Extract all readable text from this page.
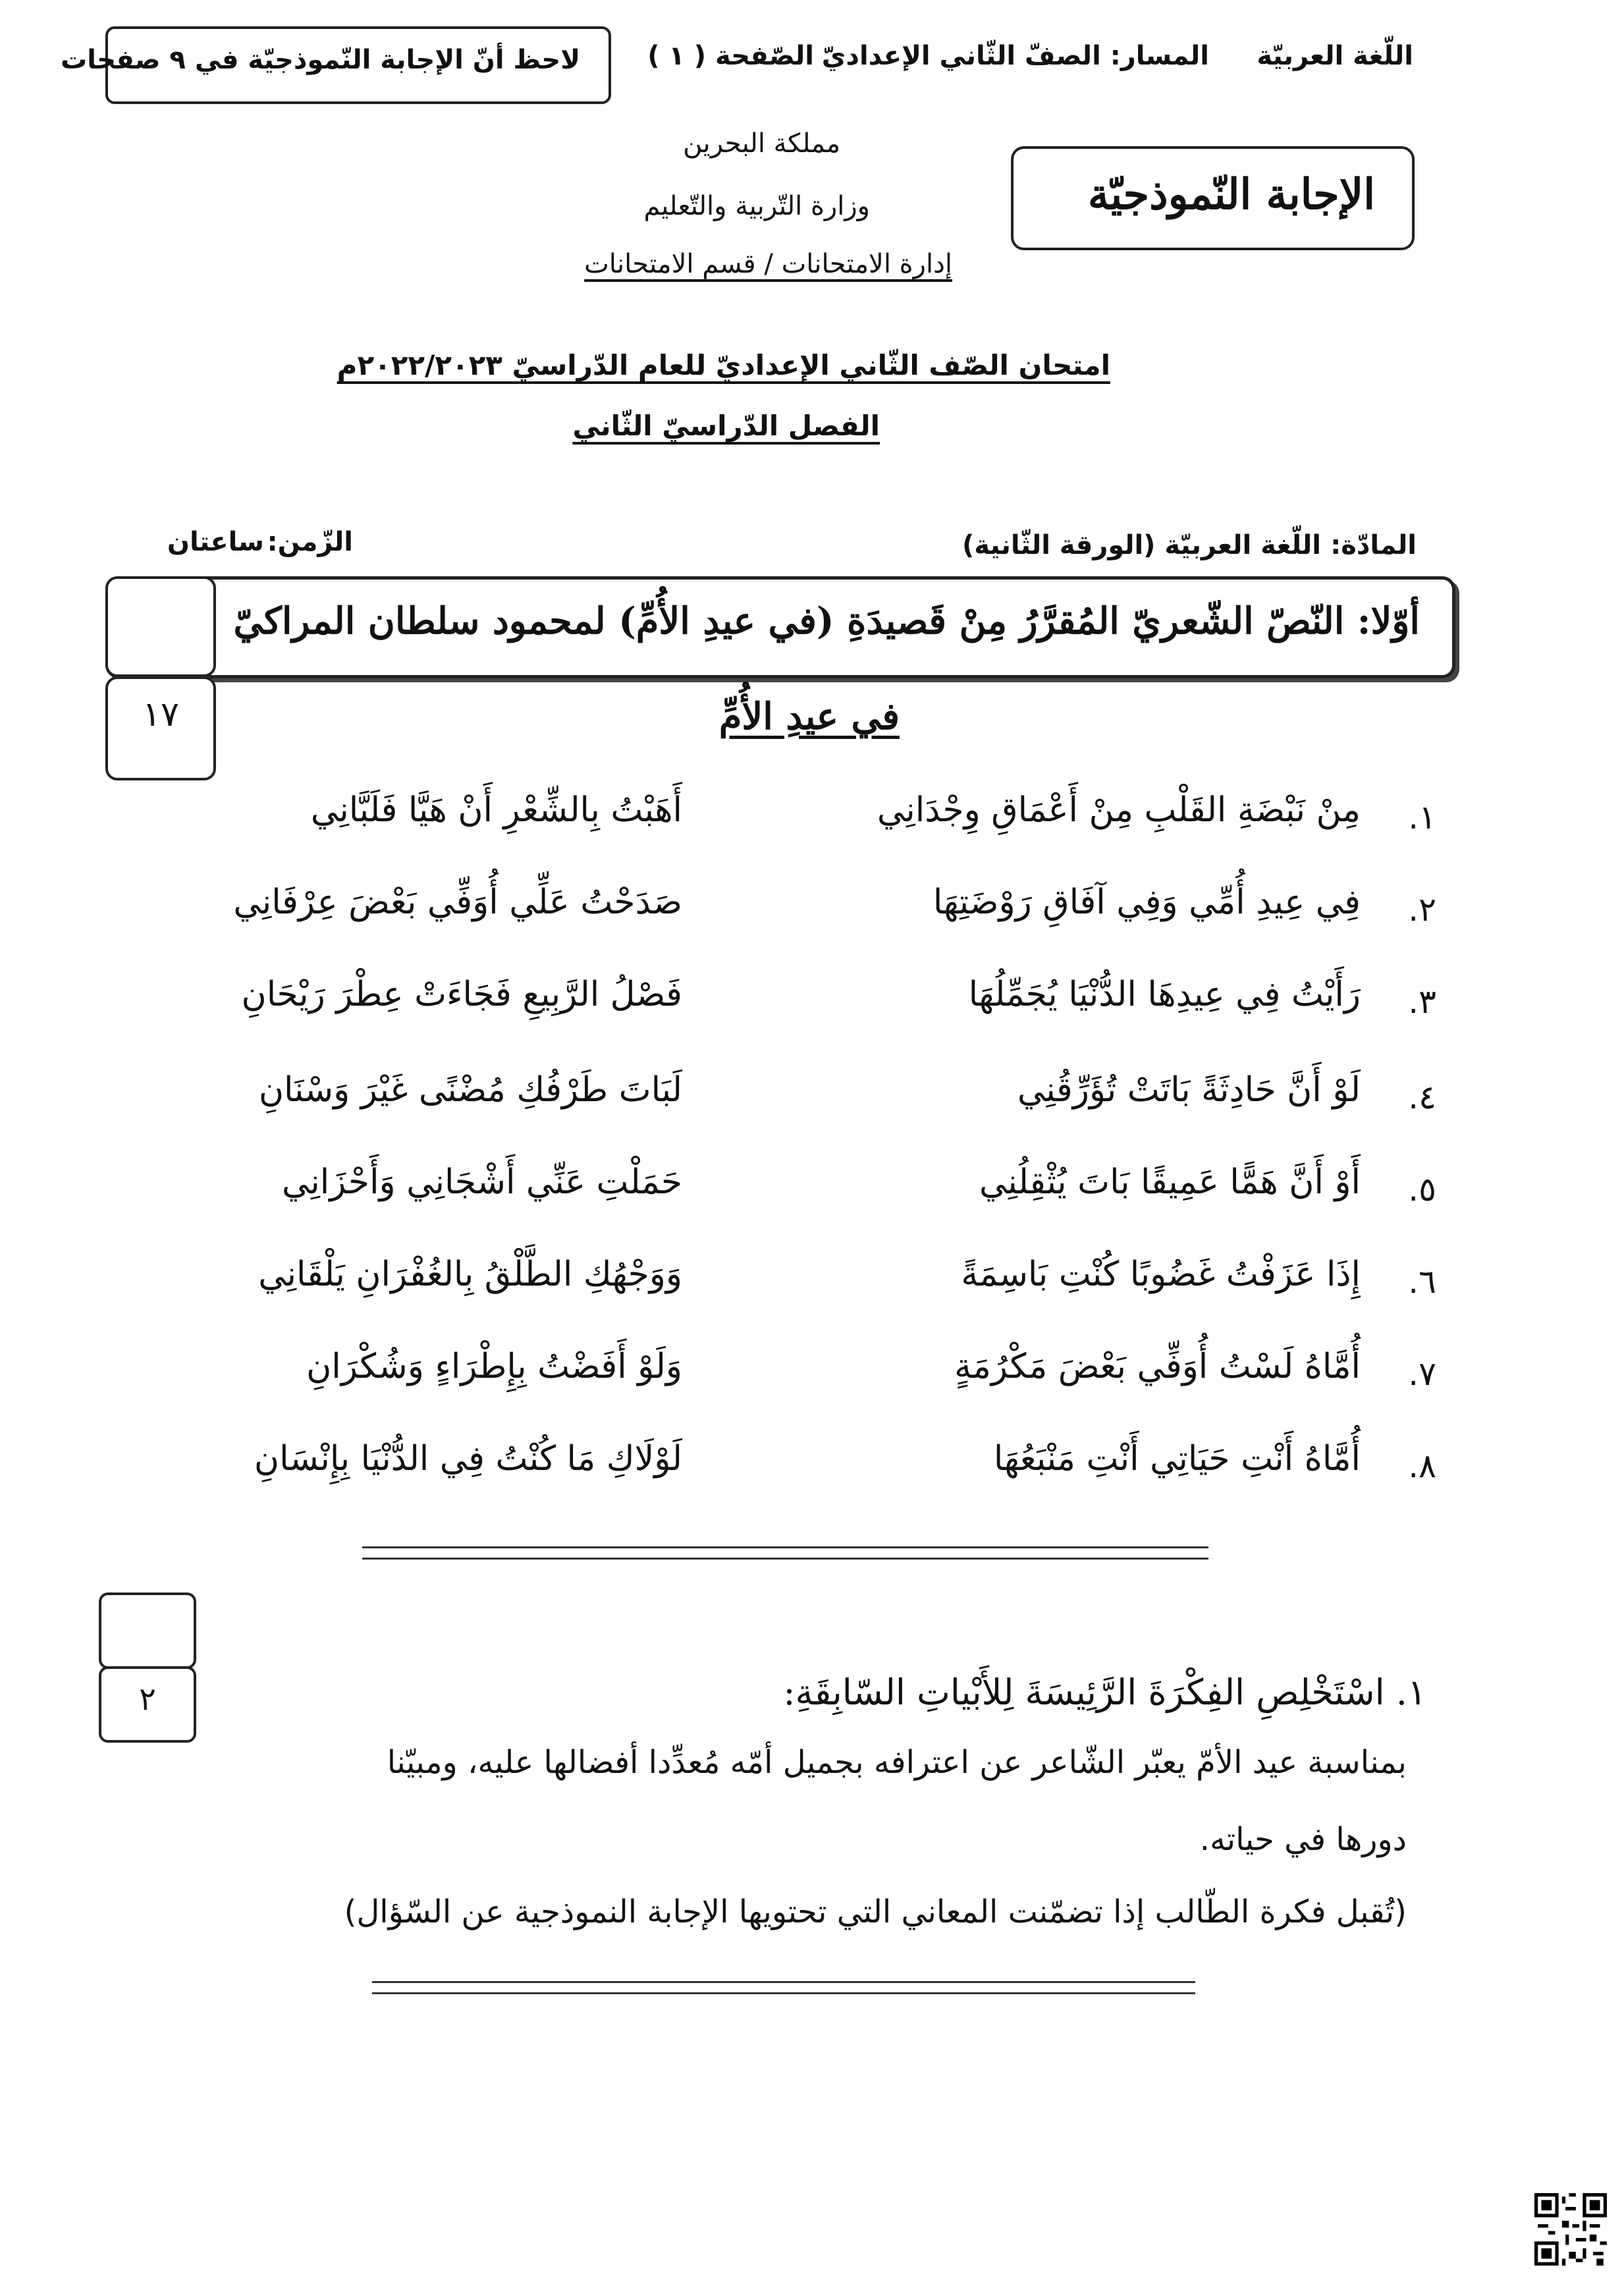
اللّغة العربيّة
المسار: الصفّ الثّاني الإعداديّ
الصّفحة ( ١ )
لاحظ أنّ الإجابة النّموذجيّة في ٩ صفحات
الإجابة النّموذجيّة
مملكة البحرين
وزارة التّربية والتّعليم
إدارة الامتحانات / قسم الامتحانات
امتحان الصّف الثّاني الإعداديّ للعام الدّراسيّ ٢٠٢٢/٢٠٢٣م
الفصل الدّراسيّ الثّاني
المادّة:
اللّغة العربيّة (الورقة الثّانية)
الزّمن:
ساعتان
أوّلا: النّصّ الشّعريّ المُقرَّرُ مِنْ قَصيدَةِ (في عيدِ الأُمِّ) لمحمود سلطان المراكيّ
١٧	في عيدِ الأُمِّ
١.
مِنْ نَبْضَةِ القَلْبِ مِنْ أَعْمَاقِ وِجْدَانِي
أَهَبْتُ بِالشِّعْرِ أَنْ هَيَّا فَلَبَّانِي
٢.
فِي عِيدِ أُمِّي وَفِي آفَاقِ رَوْضَتِهَا
صَدَحْتُ عَلِّي أُوَفِّي بَعْضَ عِرْفَانِي
٣.
رَأَيْتُ فِي عِيدِهَا الدُّنْيَا يُجَمِّلُهَا
فَصْلُ الرَّبِيعِ فَجَاءَتْ عِطْرَ رَيْحَانِ
٤.
لَوْ أَنَّ حَادِثَةً بَاتَتْ تُؤَرِّقُنِي
لَبَاتَ طَرْفُكِ مُضْنًى غَيْرَ وَسْنَانِ
٥.
أَوْ أَنَّ هَمًّا عَمِيقًا بَاتَ يُثْقِلُنِي
حَمَلْتِ عَنِّي أَشْجَانِي وَأَحْزَانِي
٦.
إِذَا عَزَفْتُ غَضُوبًا كُنْتِ بَاسِمَةً
وَوَجْهُكِ الطَّلْقُ بِالغُفْرَانِ يَلْقَانِي
٧.
أُمَّاهُ لَسْتُ أُوَفِّي بَعْضَ مَكْرُمَةٍ
وَلَوْ أَفَضْتُ بِإِطْرَاءٍ وَشُكْرَانِ
٨.
أُمَّاهُ أَنْتِ حَيَاتِي أَنْتِ مَنْبَعُهَا
لَوْلَاكِ مَا كُنْتُ فِي الدُّنْيَا بِإِنْسَانِ
٢	١. اسْتَخْلِصِ الفِكْرَةَ الرَّئِيسَةَ لِلأَبْياتِ السّابِقَةِ:
بمناسبة عيد الأمّ يعبّر الشّاعر عن اعترافه بجميل أمّه مُعدِّدا أفضالها عليه، ومبيّنا
دورها في حياته.
(تُقبل فكرة الطّالب إذا تضمّنت المعاني التي تحتويها الإجابة النموذجية عن السّؤال)
